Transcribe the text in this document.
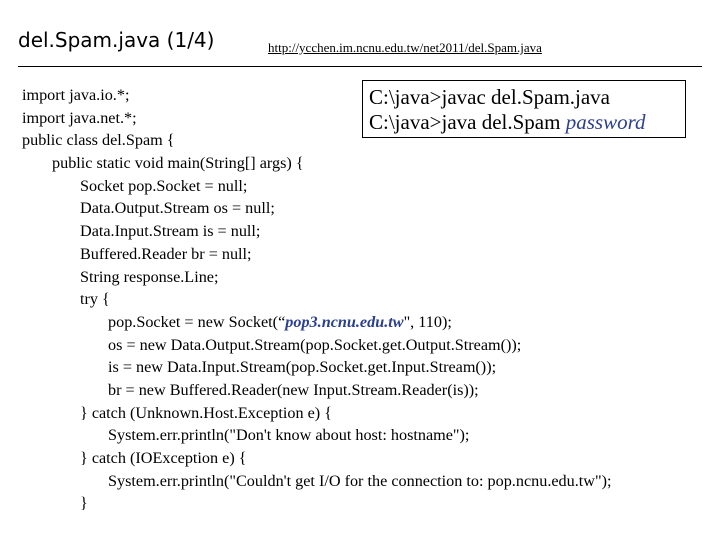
del.Spam.java (1/4)	http://ycchen.im.ncnu.edu.tw/net2011/del.Spam.java
C:\java>javac del.Spam.java
C:\java>java del.Spam password
import java.io.*;
import java.net.*;
public class del.Spam {
public static void main(String[] args) {
Socket pop.Socket = null;
Data.Output.Stream os = null;
Data.Input.Stream is = null;
Buffered.Reader br = null;
String response.Line;
try {
pop.Socket = new Socket(“pop3.ncnu.edu.tw", 110);
os = new Data.Output.Stream(pop.Socket.get.Output.Stream());
is = new Data.Input.Stream(pop.Socket.get.Input.Stream());
br = new Buffered.Reader(new Input.Stream.Reader(is));
} catch (Unknown.Host.Exception e) {
System.err.println("Don't know about host: hostname");
} catch (IOException e) {
System.err.println("Couldn't get I/O for the connection to: pop.ncnu.edu.tw");
}
